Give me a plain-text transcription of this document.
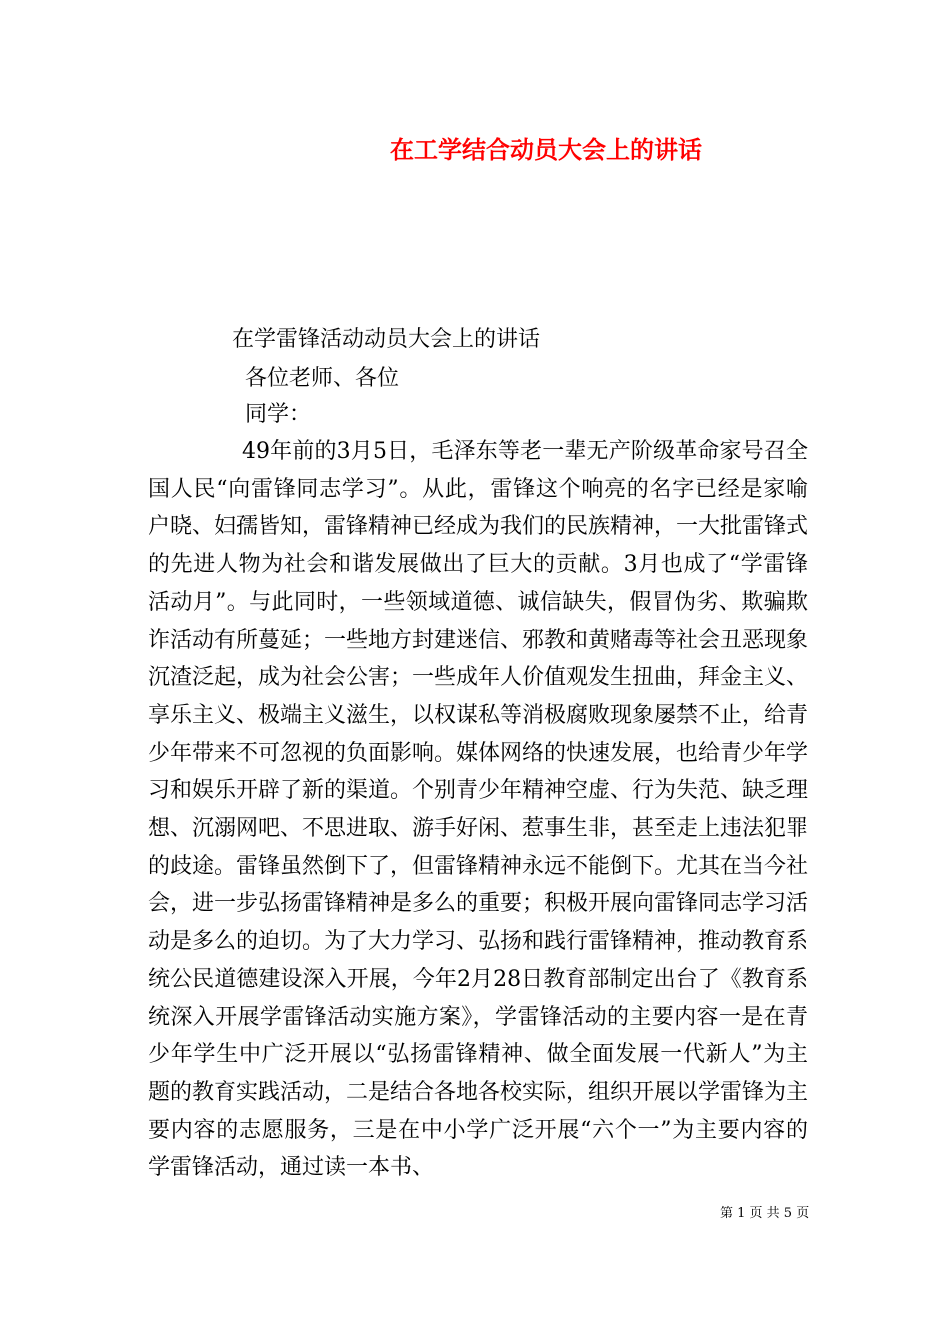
在工学结合动员大会上的讲话
在学雷锋活动动员大会上的讲话
各位老师、各位
同学：

49年前的3月5日，毛泽东等老一辈无产阶级革命家号召全国人民“向雷锋同志学习”。从此，雷锋这个响亮的名字已经是家喻户晓、妇孺皆知，雷锋精神已经成为我们的民族精神，一大批雷锋式的先进人物为社会和谐发展做出了巨大的贡献。3月也成了“学雷锋活动月”。与此同时，一些领域道德、诚信缺失，假冒伪劣、欺骗欺诈活动有所蔓延；一些地方封建迷信、邪教和黄赌毒等社会丑恶现象沉渣泛起，成为社会公害；一些成年人价值观发生扭曲，拜金主义、享乐主义、极端主义滋生，以权谋私等消极腐败现象屡禁不止，给青少年带来不可忽视的负面影响。媒体网络的快速发展，也给青少年学习和娱乐开辟了新的渠道。个别青少年精神空虚、行为失范、缺乏理想、沉溺网吧、不思进取、游手好闲、惹事生非，甚至走上违法犯罪的歧途。雷锋虽然倒下了，但雷锋精神永远不能倒下。尤其在当今社会，进一步弘扬雷锋精神是多么的重要；积极开展向雷锋同志学习活动是多么的迫切。为了大力学习、弘扬和践行雷锋精神，推动教育系统公民道德建设深入开展，今年2月28日教育部制定出台了《教育系统深入开展学雷锋活动实施方案》，学雷锋活动的主要内容一是在青少年学生中广泛开展以“弘扬雷锋精神、做全面发展一代新人”为主题的教育实践活动，二是结合各地各校实际，组织开展以学雷锋为主要内容的志愿服务，三是在中小学广泛开展“六个一”为主要内容的学雷锋活动，通过读一本书、

第 1 页 共 5 页
